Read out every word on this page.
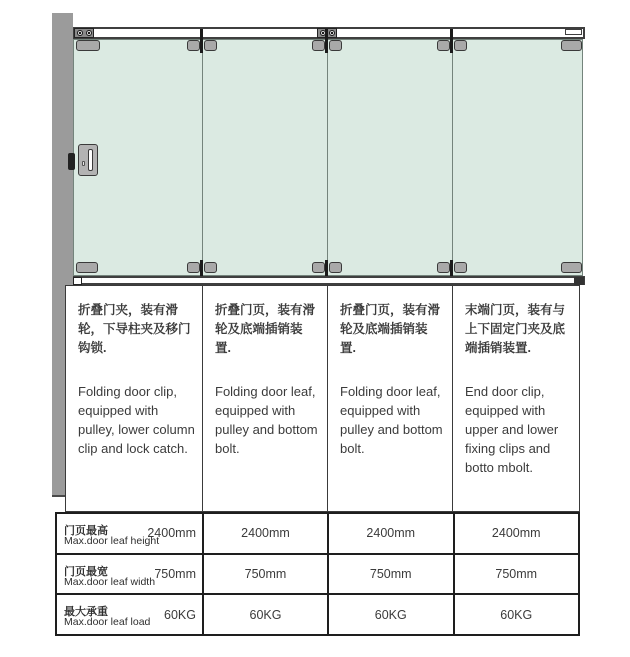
折叠门夹，装有滑轮，下导柱夹及移门钩锁.
Folding door clip, equipped with pulley, lower column clip and lock catch.
折叠门页，装有滑轮及底端插销装置.
Folding door leaf, equipped with pulley and bottom bolt.
折叠门页，装有滑轮及底端插销装置.
Folding door leaf, equipped with pulley and bottom bolt.
末端门页，装有与上下固定门夹及底端插销装置.
End door clip, equipped with upper and lower fixing clips and botto mbolt.
门页最高
Max.door leaf height
2400mm	2400mm	2400mm	2400mm
门页最宽
Max.door leaf width
750mm	750mm	750mm	750mm
最大承重
Max.door leaf load
60KG	60KG	60KG	60KG
